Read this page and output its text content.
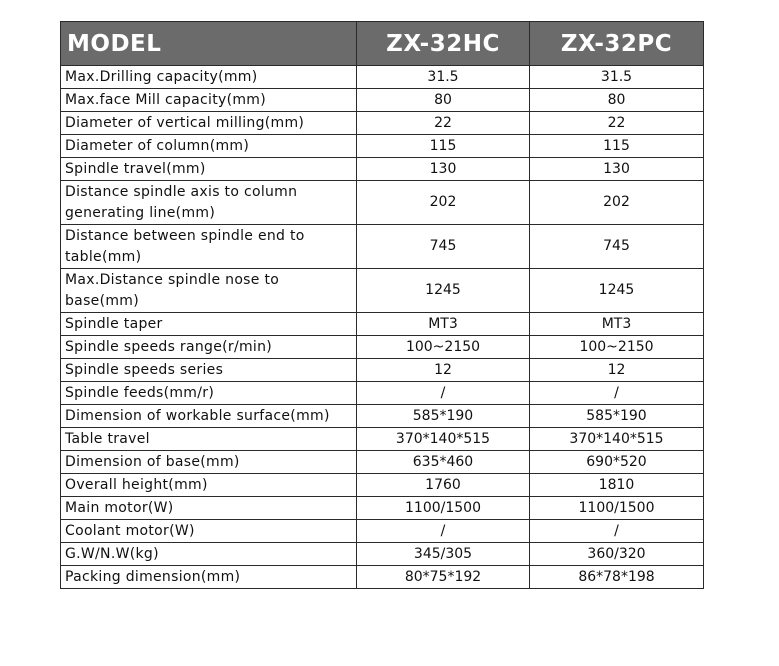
MODEL	ZX-32HC	ZX-32PC
Max.Drilling capacity(mm)	31.5	31.5
Max.face Mill capacity(mm)	80	80
Diameter of vertical milling(mm)	22	22
Diameter of column(mm)	115	115
Spindle travel(mm)	130	130
Distance spindle axis to column generating line(mm)	202	202
Distance between spindle end to table(mm)	745	745
Max.Distance spindle nose to base(mm)	1245	1245
Spindle taper	MT3	MT3
Spindle speeds range(r/min)	100~2150	100~2150
Spindle speeds series	12	12
Spindle feeds(mm/r)	/	/
Dimension of workable surface(mm)	585*190	585*190
Table travel	370*140*515	370*140*515
Dimension of base(mm)	635*460	690*520
Overall height(mm)	1760	1810
Main motor(W)	1100/1500	1100/1500
Coolant motor(W)	/	/
G.W/N.W(kg)	345/305	360/320
Packing dimension(mm)	80*75*192	86*78*198
